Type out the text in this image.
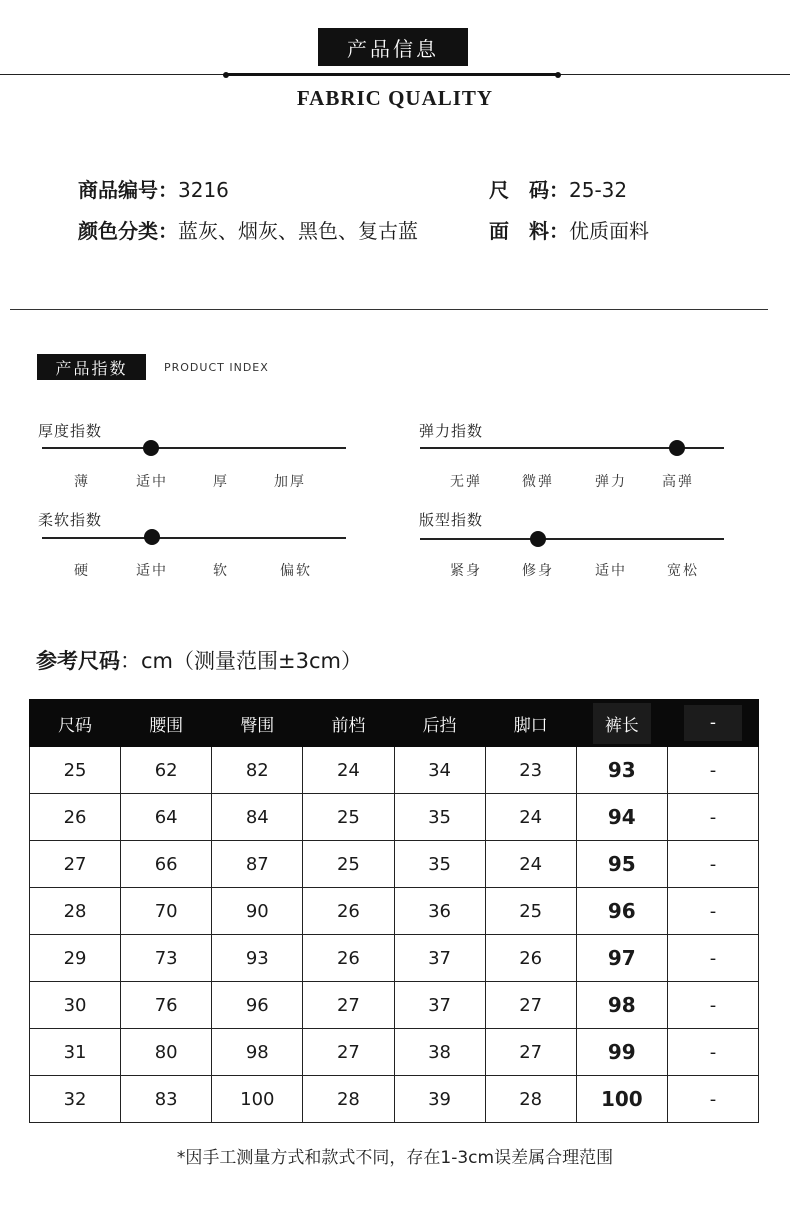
产品信息
FABRIC QUALITY
商品编号： 3216	尺　码： 25-32
颜色分类： 蓝灰、烟灰、黑色、复古蓝	面　料： 优质面料
产品指数	PRODUCT INDEX
厚度指数
薄	适中	厚	加厚
弹力指数
无弹	微弹	弹力	高弹
柔软指数
硬	适中	软	偏软
版型指数
紧身	修身	适中	宽松
参考尺码 ：cm（测量范围±3cm）
尺码	腰围	臀围	前档	后挡	脚口	裤长	-
25	62	82	24	34	23	93	-
26	64	84	25	35	24	94	-
27	66	87	25	35	24	95	-
28	70	90	26	36	25	96	-
29	73	93	26	37	26	97	-
30	76	96	27	37	27	98	-
31	80	98	27	38	27	99	-
32	83	100	28	39	28	100	-
*因手工测量方式和款式不同，存在1-3cm误差属合理范围
